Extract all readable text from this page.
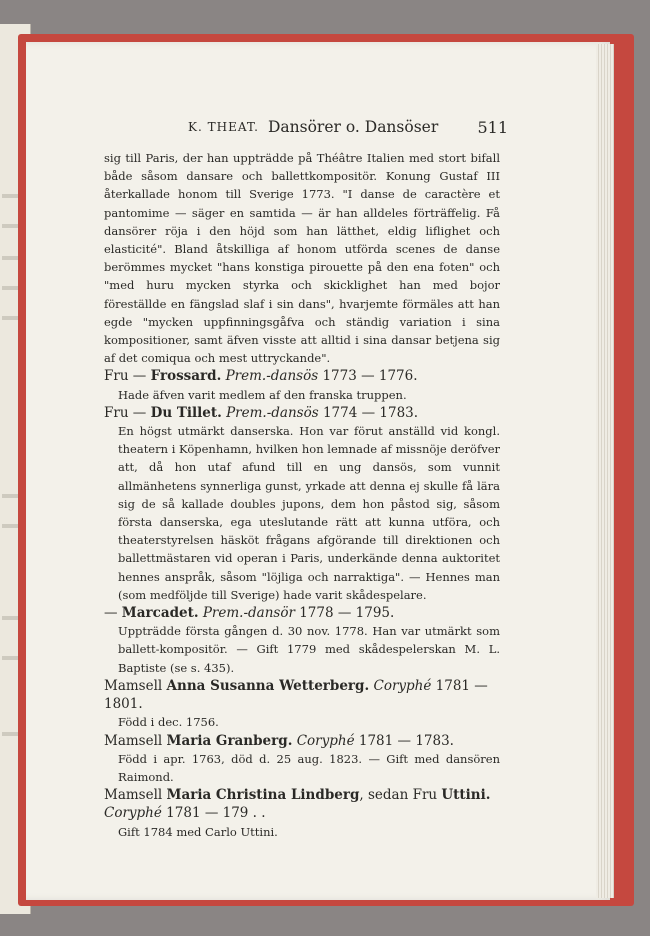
K. THEAT. Dansörer o. Dansöser 511

sig till Paris, der han uppträdde på Théâtre Italien med stort bifall både såsom dansare och ballettkompositör. Konung Gustaf III återkallade honom till Sverige 1773. "I danse de caractère et pantomime — säger en samtida — är han alldeles förträffelig. Få dansörer röja i den höjd som han lätthet, eldig liflighet och elasticité". Bland åtskilliga af honom utförda scenes de danse berömmes mycket "hans konstiga pirouette på den ena foten" och "med huru mycken styrka och skicklighet han med bojor föreställde en fängslad slaf i sin dans", hvarjemte förmäles att han egde "mycken uppfinningsgåfva och ständig variation i sina kompositioner, samt äfven visste att alltid i sina dansar betjena sig af det comiqua och mest uttryckande".

Fru — Frossard. Prem.-dansös 1773 — 1776.

Hade äfven varit medlem af den franska truppen.

Fru — Du Tillet. Prem.-dansös 1774 — 1783.

En högst utmärkt danserska. Hon var förut anställd vid kongl. theatern i Köpenhamn, hvilken hon lemnade af missnöje deröfver att, då hon utaf afund till en ung dansös, som vunnit allmänhetens synnerliga gunst, yrkade att denna ej skulle få lära sig de så kallade doubles jupons, dem hon påstod sig, såsom första danserska, ega uteslutande rätt att kunna utföra, och theaterstyrelsen häsköt frågans afgörande till direktionen och ballettmästaren vid operan i Paris, underkände denna auktoritet hennes anspråk, såsom "löjliga och narraktiga". — Hennes man (som medföljde till Sverige) hade varit skådespelare.

— Marcadet. Prem.-dansör 1778 — 1795.

Uppträdde första gången d. 30 nov. 1778. Han var utmärkt som ballett-kompositör. — Gift 1779 med skådespelerskan M. L. Baptiste (se s. 435).

Mamsell Anna Susanna Wetterberg. Coryphé 1781 — 1801.

Född i dec. 1756.

Mamsell Maria Granberg. Coryphé 1781 — 1783.

Född i apr. 1763, död d. 25 aug. 1823. — Gift med dansören Raimond.

Mamsell Maria Christina Lindberg, sedan Fru Uttini. Coryphé 1781 — 179 . .

Gift 1784 med Carlo Uttini.
